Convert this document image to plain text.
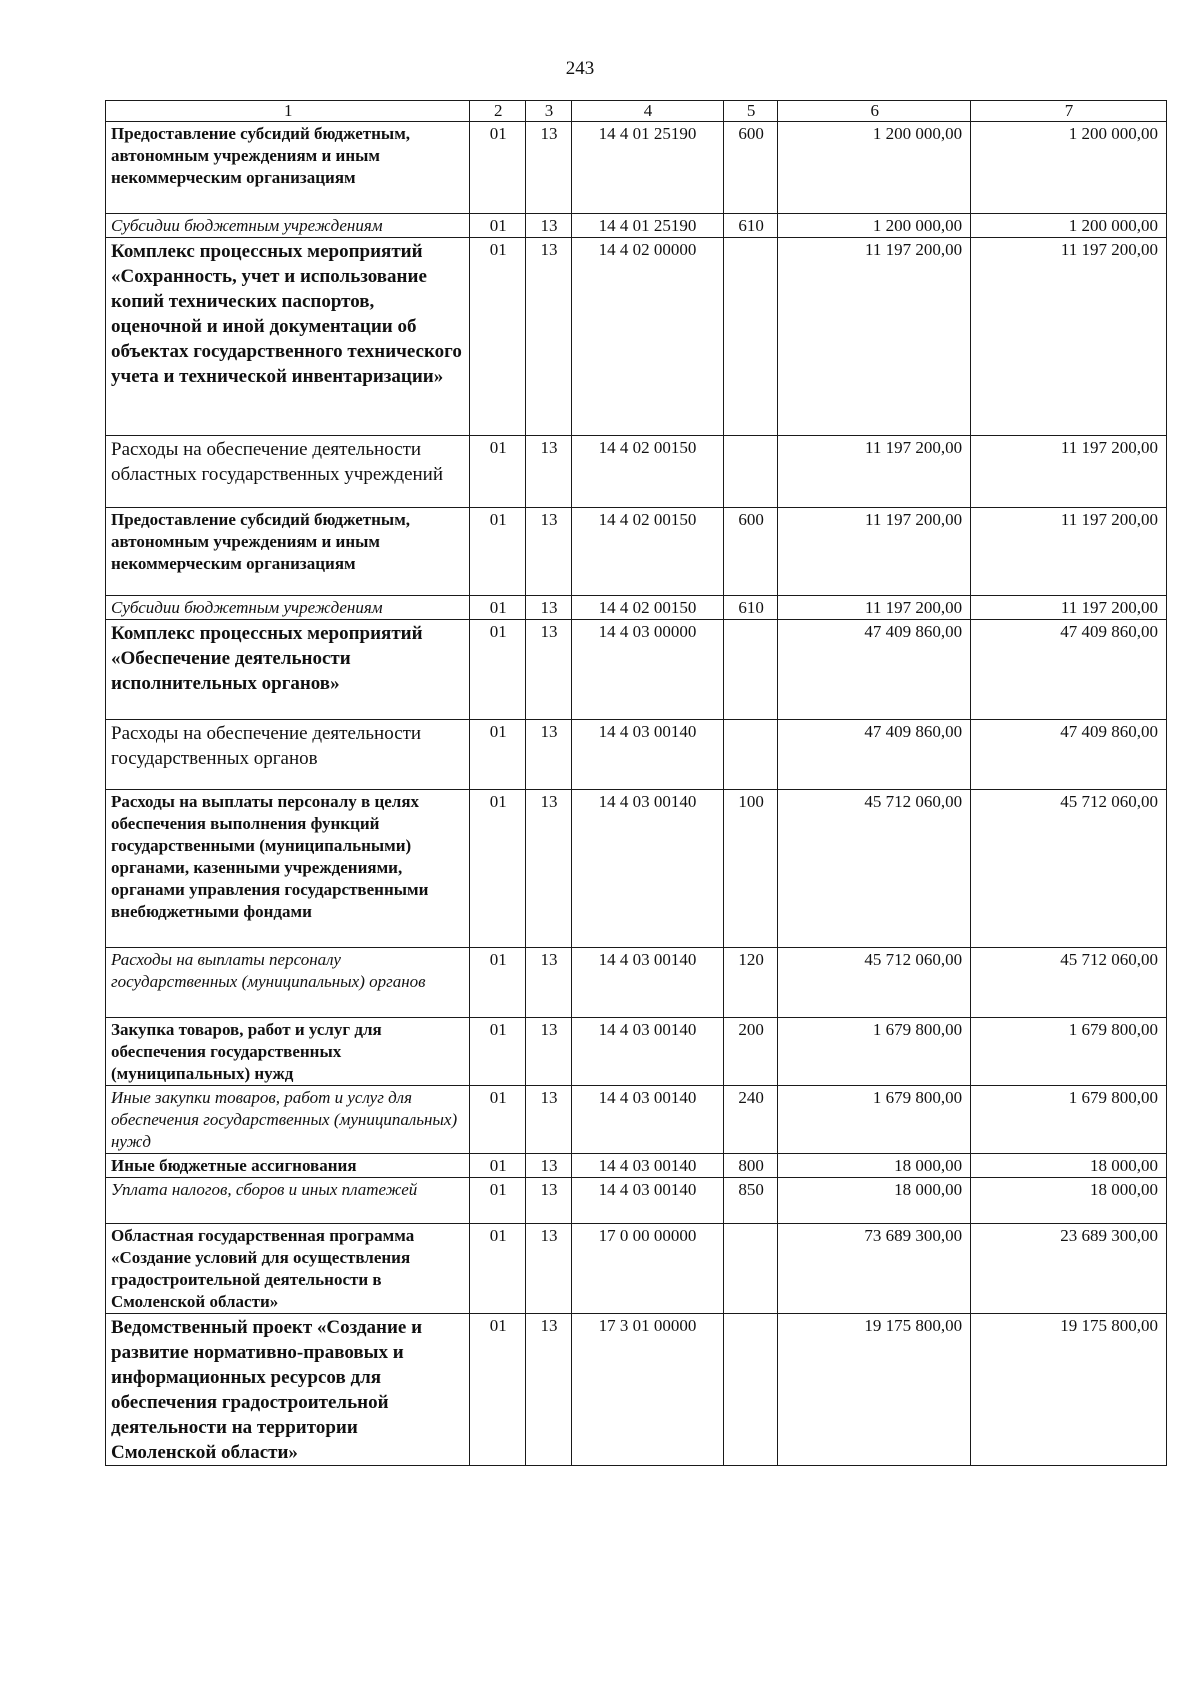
243
1	2	3	4	5	6	7

Предоставление субсидий бюджетным, автономным учреждениям и иным некоммерческим организациям	01	13	14 4 01 25190	600	1 200 000,00	1 200 000,00

Субсидии бюджетным учреждениям	01	13	14 4 01 25190	610	1 200 000,00	1 200 000,00

Комплекс процессных мероприятий «Сохранность, учет и использование копий технических паспортов, оценочной и иной документации об объектах государственного технического учета и технической инвентаризации»	01	13	14 4 02 00000		11 197 200,00	11 197 200,00

Расходы на обеспечение деятельности областных государственных учреждений	01	13	14 4 02 00150		11 197 200,00	11 197 200,00

Предоставление субсидий бюджетным, автономным учреждениям и иным некоммерческим организациям	01	13	14 4 02 00150	600	11 197 200,00	11 197 200,00

Субсидии бюджетным учреждениям	01	13	14 4 02 00150	610	11 197 200,00	11 197 200,00

Комплекс процессных мероприятий «Обеспечение деятельности исполнительных органов»	01	13	14 4 03 00000		47 409 860,00	47 409 860,00

Расходы на обеспечение деятельности государственных органов	01	13	14 4 03 00140		47 409 860,00	47 409 860,00

Расходы на выплаты персоналу в целях обеспечения выполнения функций государственными (муниципальными) органами, казенными учреждениями, органами управления государственными внебюджетными фондами	01	13	14 4 03 00140	100	45 712 060,00	45 712 060,00

Расходы на выплаты персоналу государственных (муниципальных) органов	01	13	14 4 03 00140	120	45 712 060,00	45 712 060,00

Закупка товаров, работ и услуг для обеспечения государственных (муниципальных) нужд	01	13	14 4 03 00140	200	1 679 800,00	1 679 800,00

Иные закупки товаров, работ и услуг для обеспечения государственных (муниципальных) нужд	01	13	14 4 03 00140	240	1 679 800,00	1 679 800,00

Иные бюджетные ассигнования	01	13	14 4 03 00140	800	18 000,00	18 000,00

Уплата налогов, сборов и иных платежей	01	13	14 4 03 00140	850	18 000,00	18 000,00

Областная государственная программа «Создание условий для осуществления градостроительной деятельности в Смоленской области»	01	13	17 0 00 00000		73 689 300,00	23 689 300,00

Ведомственный проект «Создание и развитие нормативно-правовых и информационных ресурсов для обеспечения градостроительной деятельности на территории Смоленской области»	01	13	17 3 01 00000		19 175 800,00	19 175 800,00
